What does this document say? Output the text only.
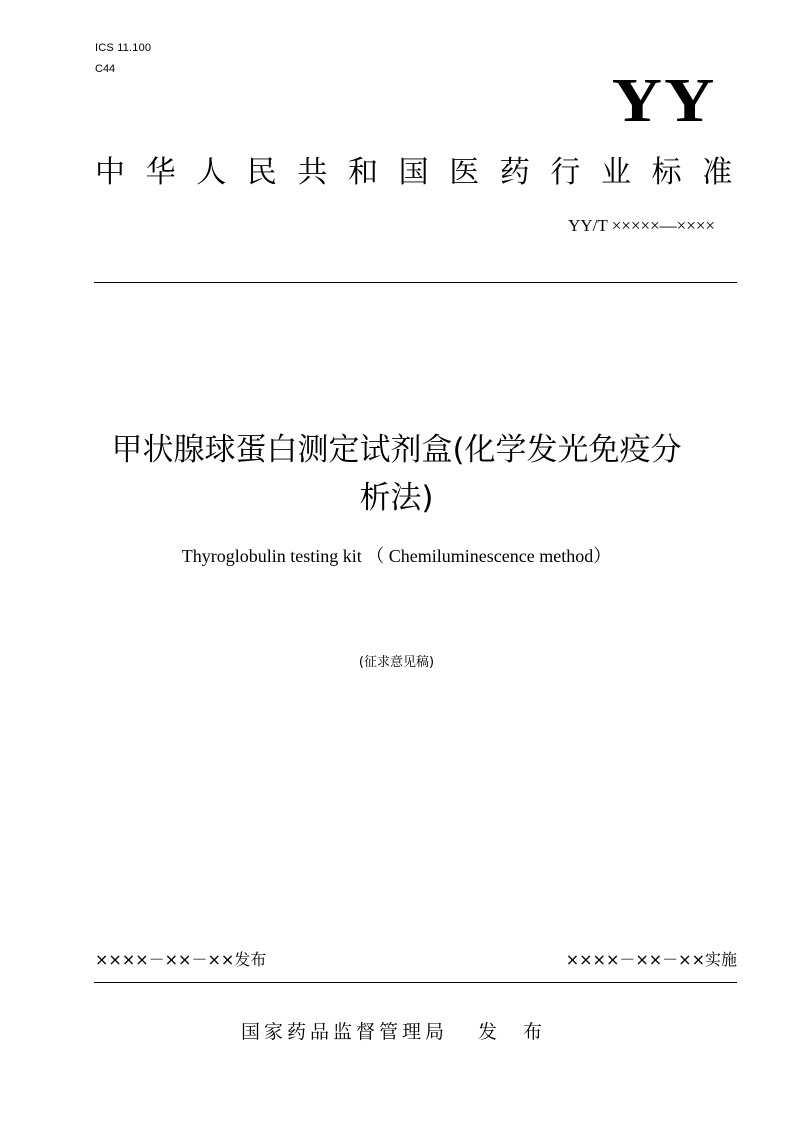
ICS 11.100
C44	YY
中华人民共和国医药行业标准
YY/T ×××××—××××
甲状腺球蛋白测定试剂盒(化学发光免疫分
析法)
Thyroglobulin testing kit （ Chemiluminescence method）
(征求意见稿)
××××－××－××发布	××××－××－××实施
国家药品监督管理局 发 布
